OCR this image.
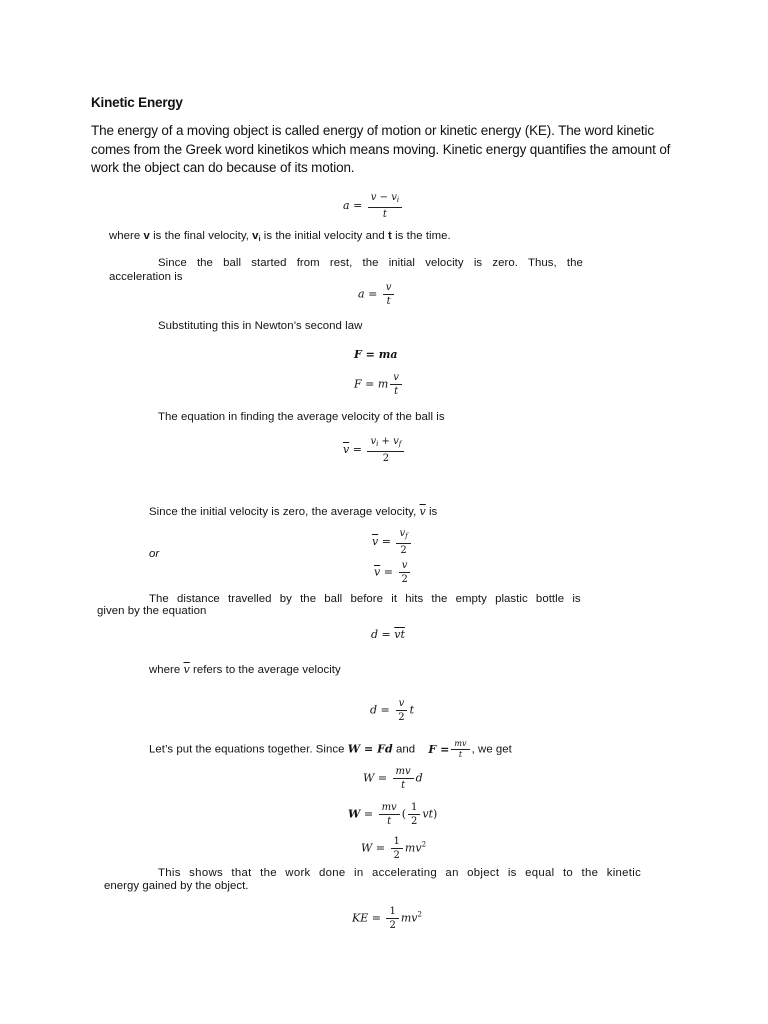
Kinetic Energy
The energy of a moving object is called energy of motion or kinetic energy (KE). The word kinetic comes from the Greek word kinetikos which means moving. Kinetic energy quantifies the amount of work the object can do because of its motion.
$a = \frac{v - v_i}{t}$
where v is the final velocity, $v_i$ is the initial velocity and t is the time.
Since the ball started from rest, the initial velocity is zero. Thus, the
acceleration is
$a = \frac{v}{t}$
Substituting this in Newton’s second law
F = ma
F = m $\frac{v}{t}$
The equation in finding the average velocity of the ball is
$\overline{v} = \frac{v_i + v_f}{2}$
Since the initial velocity is zero, the average velocity, $\overline{v}$ is
$\overline{v} = \frac{v_f}{2}$
or
$\overline{v} = \frac{v}{2}$
The distance travelled by the ball before it hits the empty plastic bottle is
given by the equation
$d = \overline{vt}$
where $\overline{v}$ refers to the average velocity
$d = \frac{v}{2}$ t
Let’s put the equations together. Since W = Fd and $F = \frac{mv}{t}$ , we get
$W = \frac{mv}{t}$ d
$W = \frac{mv}{t}$ ( $\frac{1}{2} vt$)
$W = \frac{1}{2} mv^2$
This shows that the work done in accelerating an object is equal to the kinetic
energy gained by the object.
KE = $\frac{1}{2} mv^2$
